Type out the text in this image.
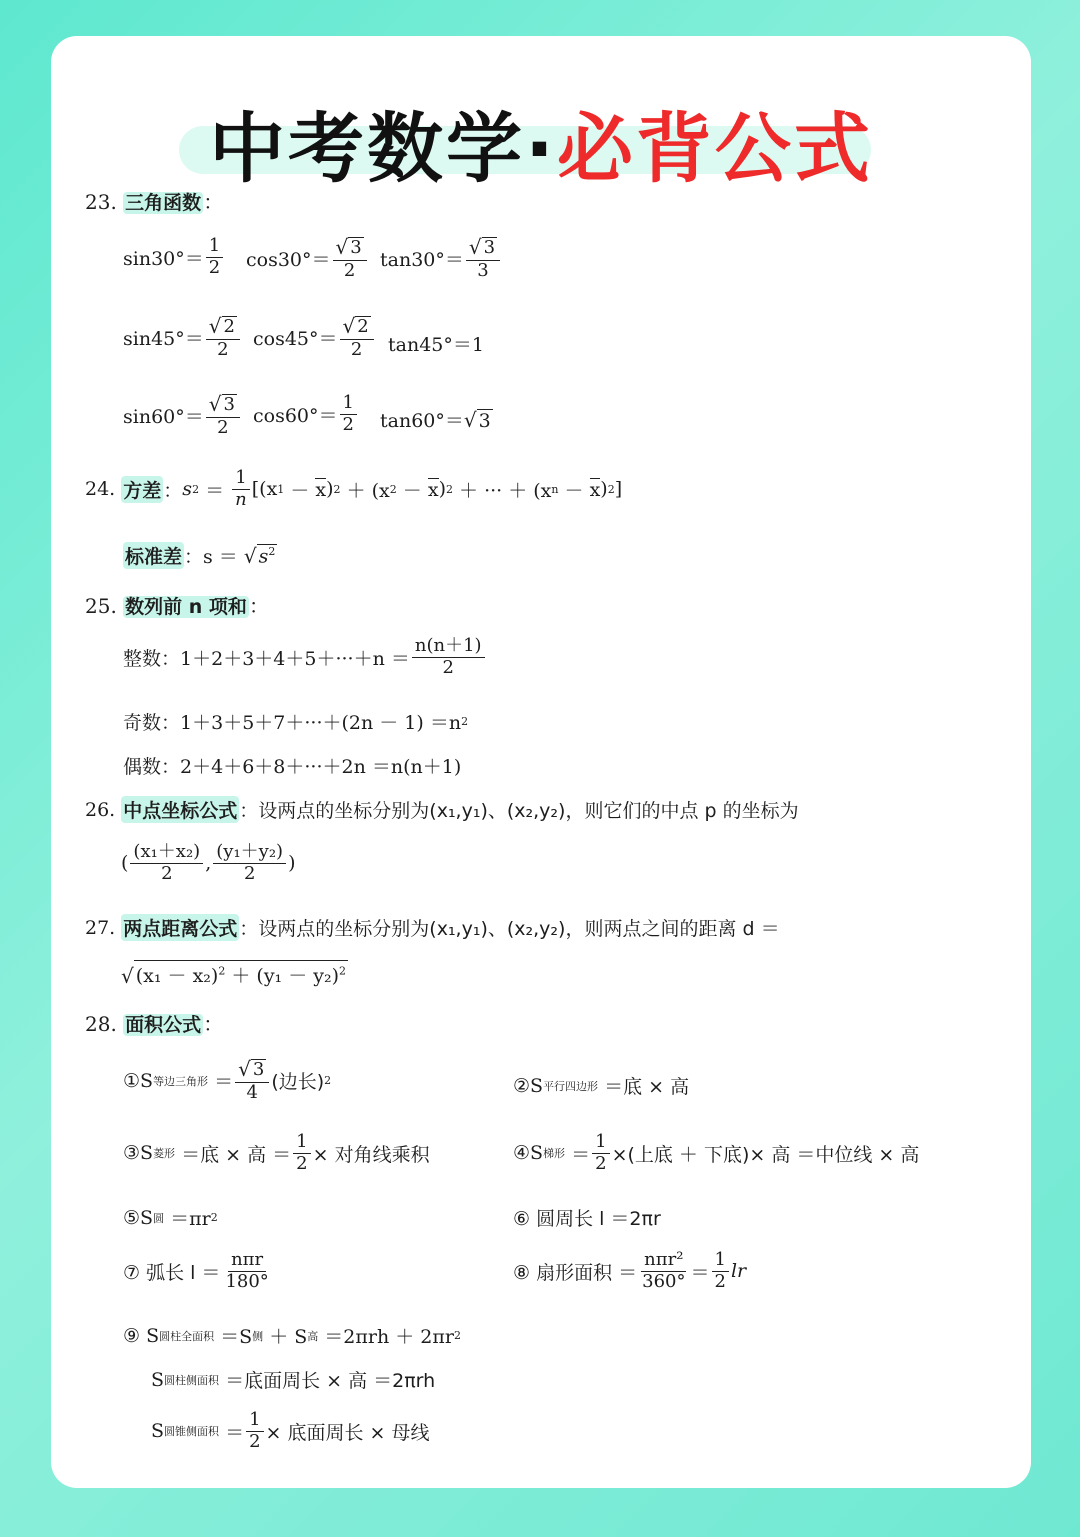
中考数学·必背公式
23. 三角函数 ：
$\sin 30^\circ= \frac{1}{2} \cos 30^\circ= \frac{√ 3}{2} \tan 30^\circ= \frac{√ 3}{3}$
$\sin 45^\circ= \frac{√ 2}{2} \cos 45^\circ= \frac{√ 2}{2} \tan 45^\circ=1$
$\sin 60^\circ= \frac{√ 3}{2} \cos 60^\circ= \frac{1}{2} \tan 60^\circ=$ √ 3
24.
方差 ： s $2 = \frac{1}{n} [(x$ 1 － x ) 2 ＋ (x 2 － x ) 2 ＋ ··· ＋ (x n － x ) 2 ]
标准差 ：s ＝ √ $s^2$
25. 数列前 n 项和 ：
整数： $1+2+3+4+5+\cdot\cdot\cdot+n = \frac{n(n+1)}{2}$
奇数： 1＋3＋5＋7＋···＋(2n － 1) ＝n 2
偶数： 2＋4＋6＋8＋···＋2n ＝n(n＋1)
26.
中点坐标公式 ：设两点的坐标分别为(x₁,y₁)、(x₂,y₂)，则它们的中点 p 的坐标为
( $\frac{\text{(x₁＋x₂)}}{2}$ , $\frac{\text{(y₁＋y₂)}}{2}$ )
27.
两点距离公式 ：设两点的坐标分别为(x₁,y₁)、(x₂,y₂)，则两点之间的距离 d ＝
√ $(x_1 - x_2)^2 + (y_1 - y_2)^2$
28. 面积公式 ：
①S 等边三角形 ＝ $\frac{√ 3}{4}$ (边长) 2	②S 平行四边形 ＝底 × 高
③S 菱形 ＝底 × 高 ＝ $\frac{1}{2}$ × 对角线乘积	④S 梯形 ＝ $\frac{1}{2}$ ×(上底 ＋ 下底)× 高 ＝中位线 × 高
⑤S 圆 ＝πr 2	⑥ 圆周长 l ＝2πr
⑦ 弧长 $l = \frac{\text{nπr}}{180^\circ}$	⑧ 扇形面积 ＝ $\frac{\text{nπr²}}{360^\circ} = \frac{1}{2}$ lr
⑨ S 圆柱全面积 ＝S 侧 ＋ S 高 ＝2πrh ＋ 2πr 2
S 圆柱侧面积 ＝底面周长 × 高 ＝2πrh
S 圆锥侧面积 ＝ $\frac{1}{2}$ × 底面周长 × 母线
